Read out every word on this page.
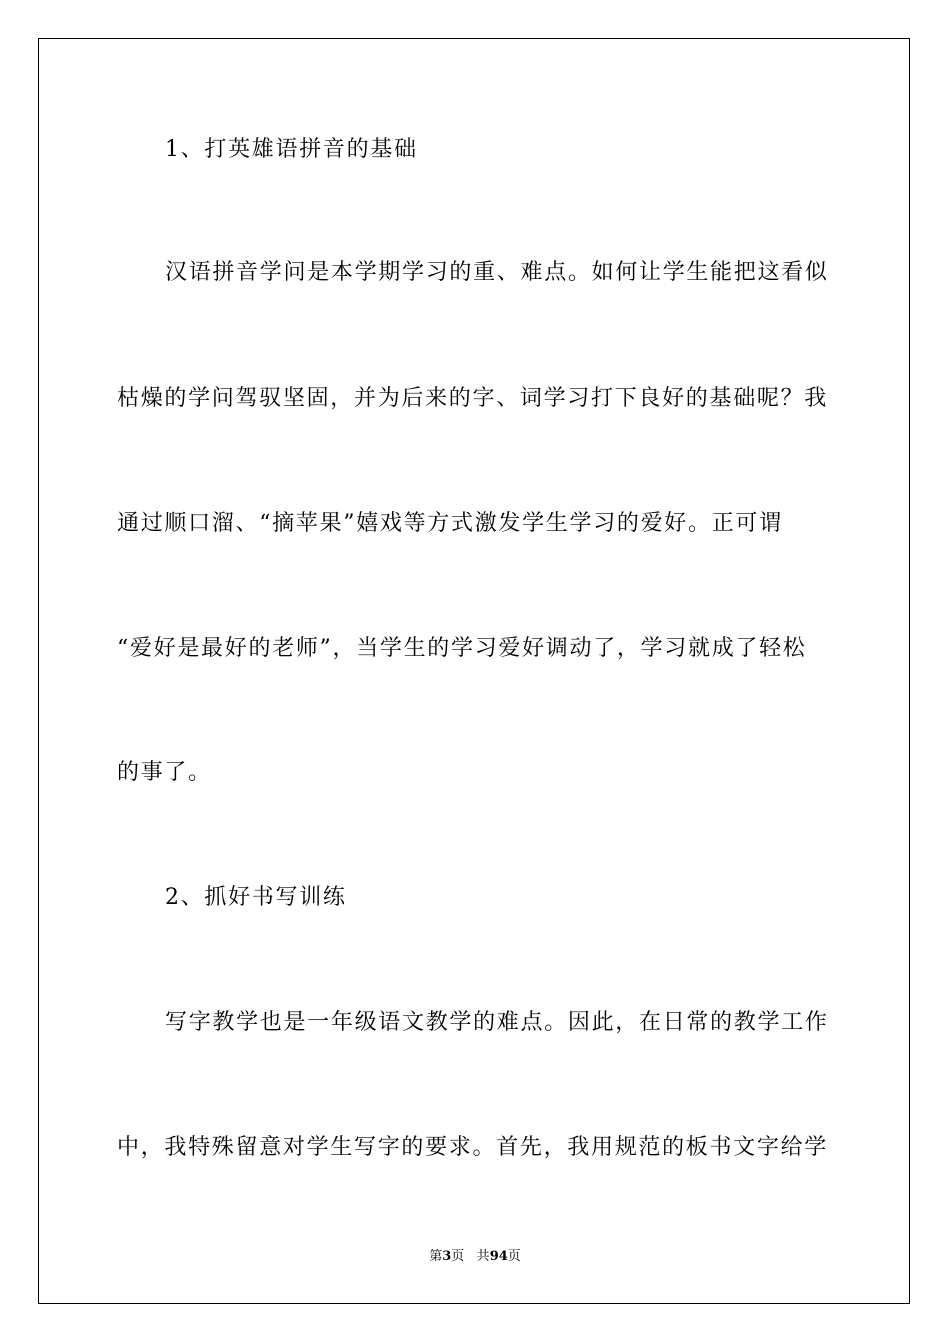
1、打英雄语拼音的基础
汉语拼音学问是本学期学习的重、难点。如何让学生能把这看似
枯燥的学问驾驭坚固，并为后来的字、词学习打下良好的基础呢？我
通过顺口溜、“摘苹果”嬉戏等方式激发学生学习的爱好。正可谓
“爱好是最好的老师”，当学生的学习爱好调动了，学习就成了轻松
的事了。
2、抓好书写训练
写字教学也是一年级语文教学的难点。因此，在日常的教学工作
中，我特殊留意对学生写字的要求。首先，我用规范的板书文字给学
第3页 共94页
